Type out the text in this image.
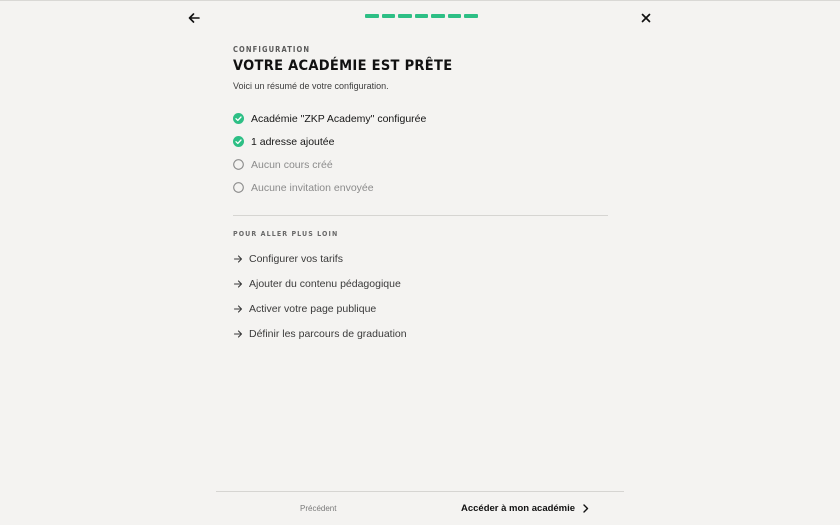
CONFIGURATION
VOTRE ACADÉMIE EST PRÊTE
Voici un résumé de votre configuration.
Académie "ZKP Academy" configurée
1 adresse ajoutée
Aucun cours créé
Aucune invitation envoyée
POUR ALLER PLUS LOIN
Configurer vos tarifs
Ajouter du contenu pédagogique
Activer votre page publique
Définir les parcours de graduation
Précédent	Accéder à mon académie
